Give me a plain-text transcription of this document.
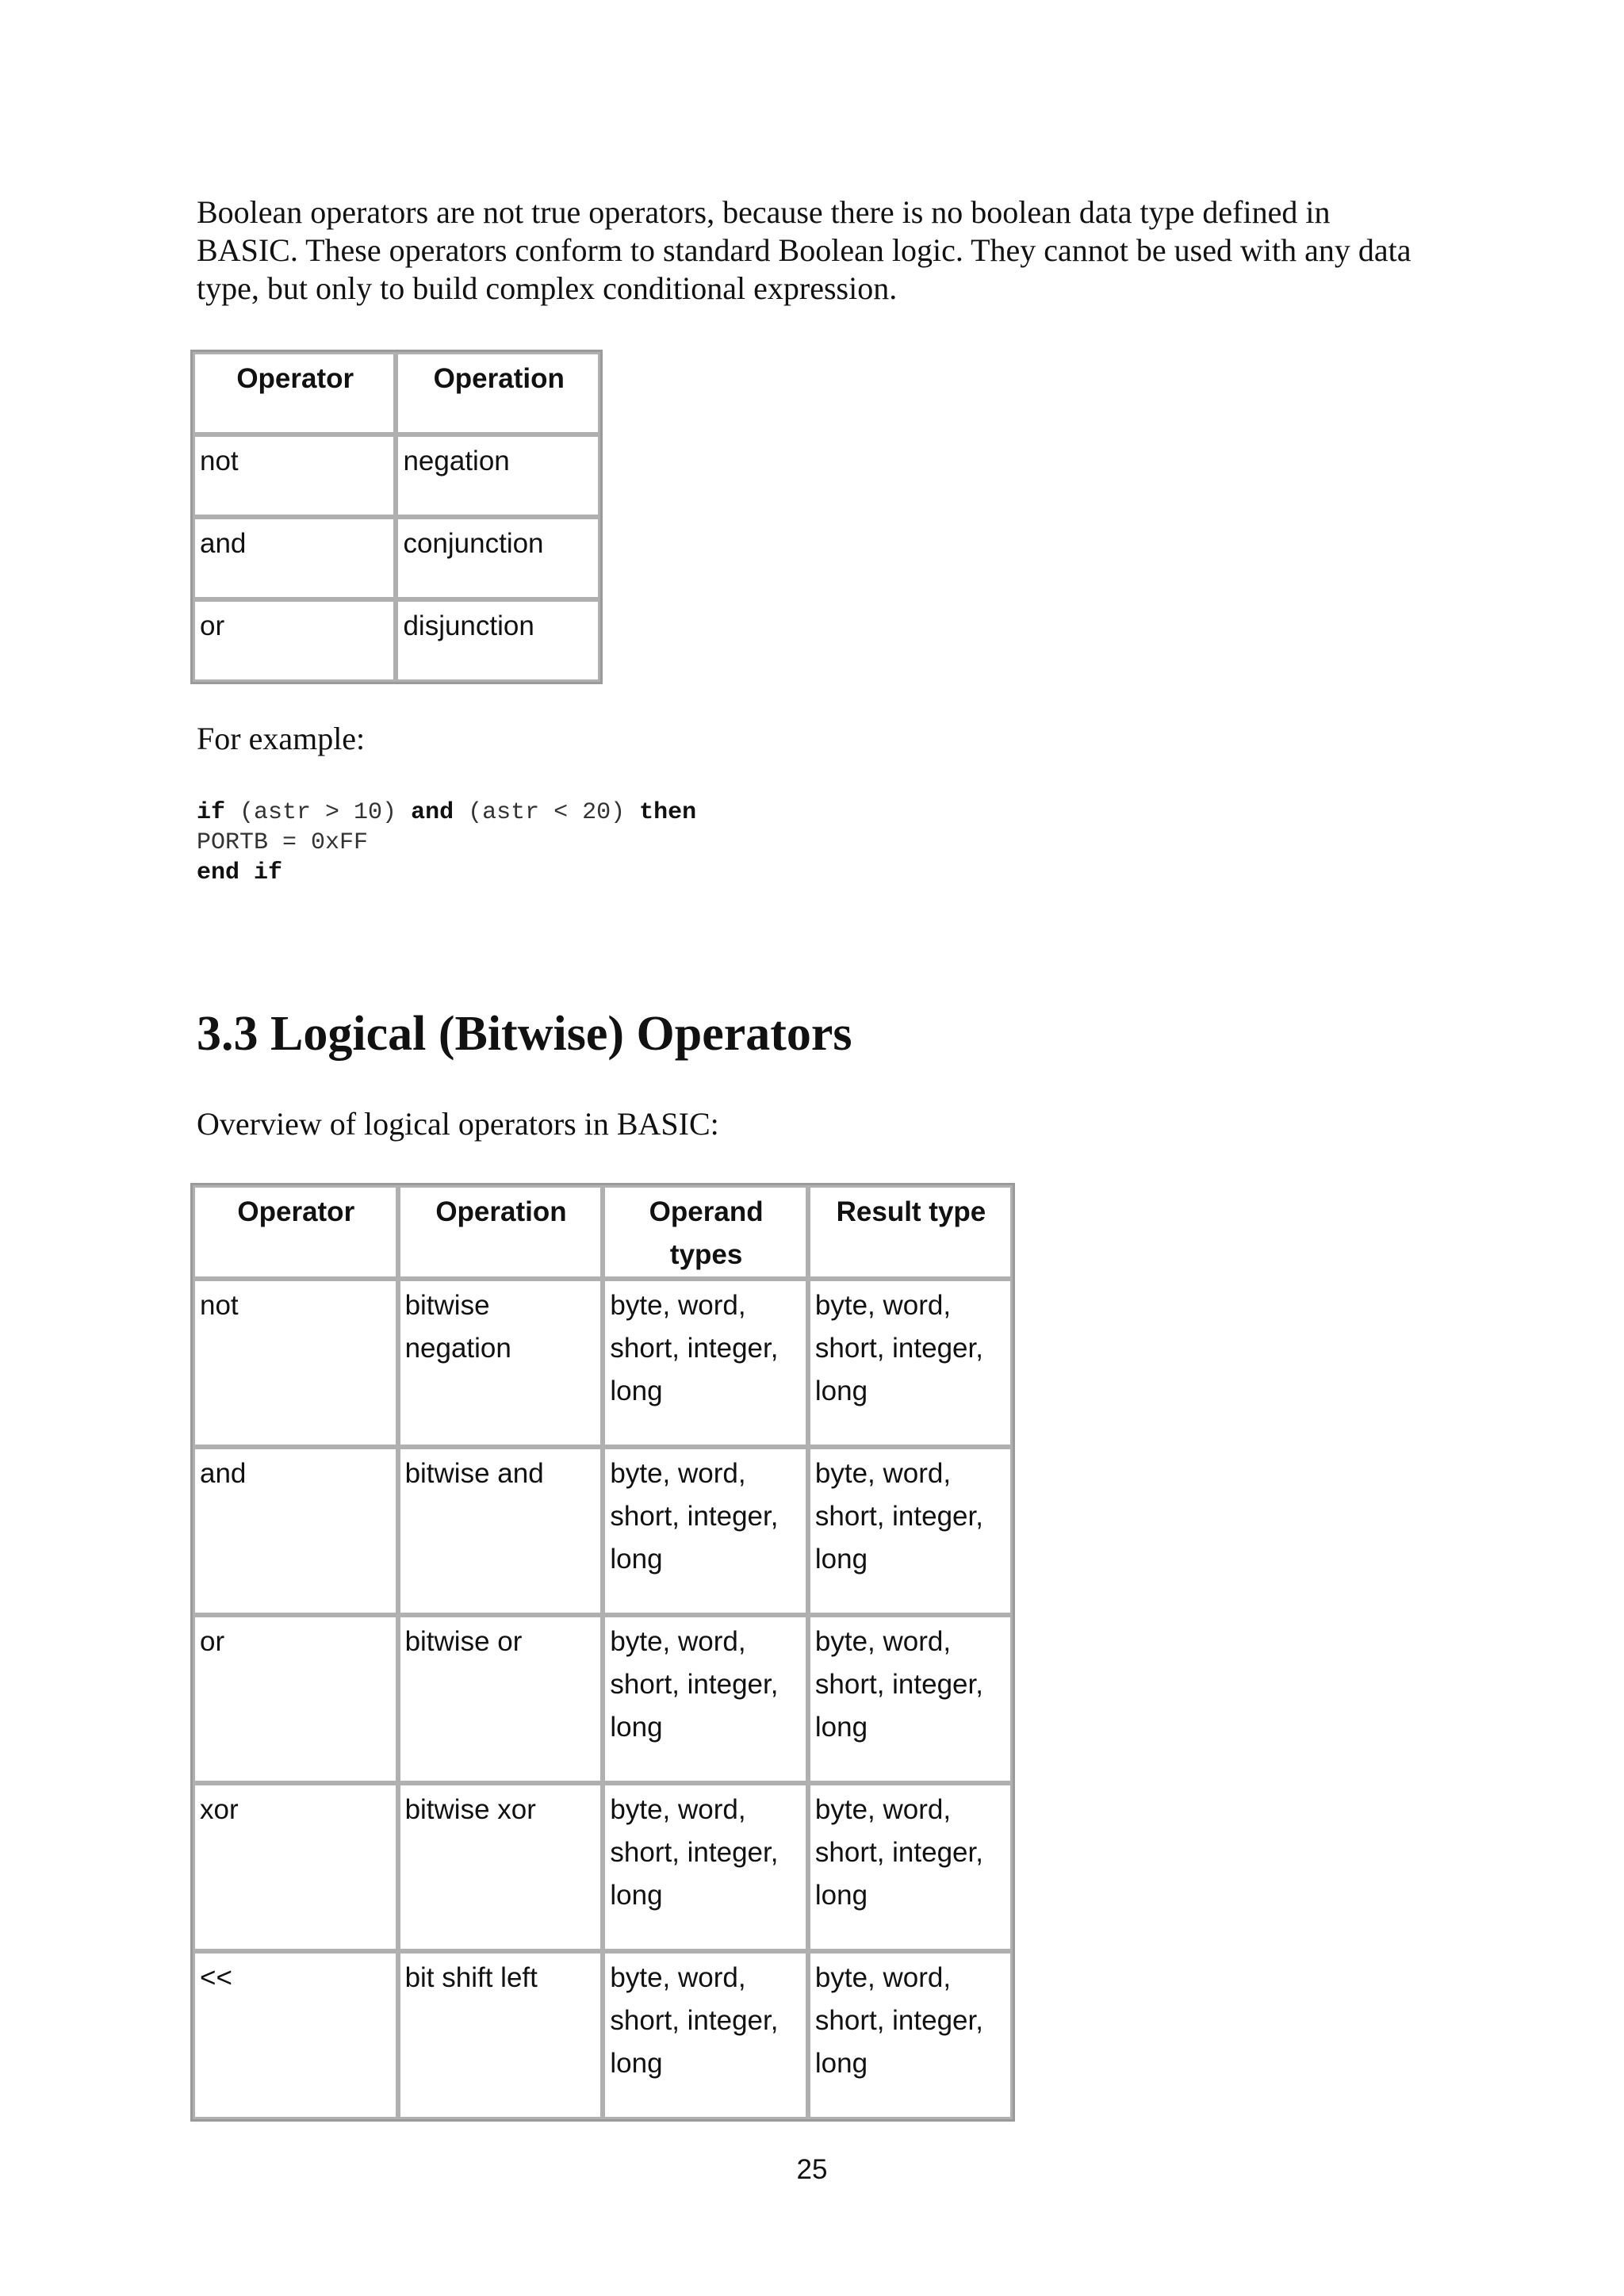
Boolean operators are not true operators, because there is no boolean data type defined in BASIC. These operators conform to standard Boolean logic. They cannot be used with any data type, but only to build complex conditional expression.

Operator	Operation
not	negation
and	conjunction
or	disjunction

For example:

if (astr > 10) and (astr < 20) then
PORTB = 0xFF
end if
3.3 Logical (Bitwise) Operators

Overview of logical operators in BASIC:

Operator	Operation	Operand types	Result type
not	bitwise negation	byte, word, short, integer, long	byte, word, short, integer, long
and	bitwise and	byte, word, short, integer, long	byte, word, short, integer, long
or	bitwise or	byte, word, short, integer, long	byte, word, short, integer, long
xor	bitwise xor	byte, word, short, integer, long	byte, word, short, integer, long
<<	bit shift left	byte, word, short, integer, long	byte, word, short, integer, long
25
